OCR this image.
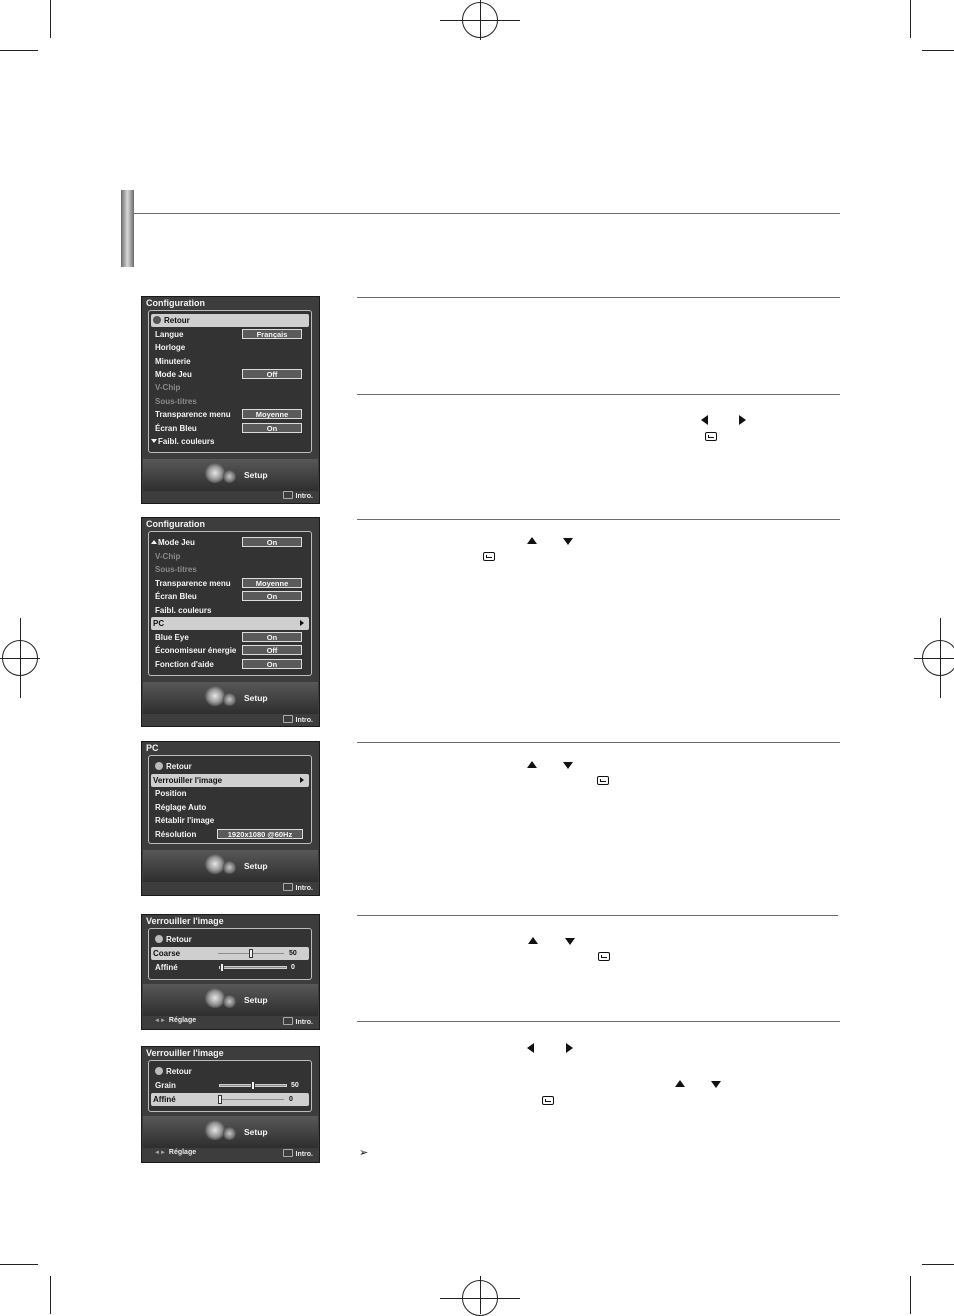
Configuration
Retour
Langue	Français
Horloge
Minuterie
Mode Jeu	Off
V-Chip
Sous-titres
Transparence menu	Moyenne
Écran Bleu	On
Faibl. couleurs
Setup
Intro.
Configuration
Mode Jeu	On
V-Chip
Sous-titres
Transparence menu	Moyenne
Écran Bleu	On
Faibl. couleurs
PC
Blue Eye	On
Économiseur énergie	Off
Fonction d'aide	On
Setup
Intro.
PC
Retour
Verrouiller l'image
Position
Réglage Auto
Rétablir l'image
Résolution	1920x1080 @60Hz
Setup
Intro.
Verrouiller l'image
Retour
Coarse	50
Affiné	0
Setup
◄► Réglage	Intro.
Verrouiller l'image
Retour
Grain	50
Affiné	0
Setup
◄► Réglage	Intro.	➢
